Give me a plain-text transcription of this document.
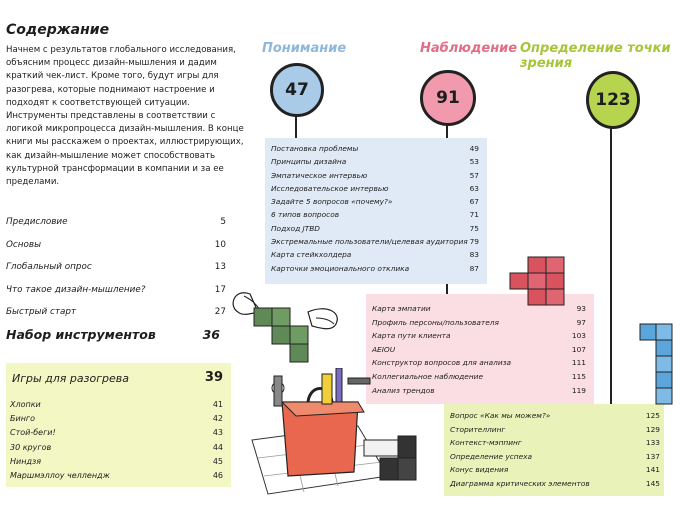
Содержание
Начнем с результатов глобального исследования, объясним процесс дизайн-мышления и дадим краткий чек-лист. Кроме того, будут игры для разогрева, которые поднимают настроение и подходят к соответствующей ситуации. Инструменты представлены в соответствии с логикой микропроцесса дизайн-мышления. В конце книги мы расскажем о проектах, иллюстрирующих, как дизайн-мышление может способствовать культурной трансформации в компании и за ее пределами.
Предисловие	5
Основы	10
Глобальный опрос	13
Что такое дизайн-мышление?	17
Быстрый старт	27
Набор инструментов	36
Игры для разогрева	39
Хлопки	41
Бинго	42
Стой-беги!	43
30 кругов	44
Ниндзя	45
Маршмэллоу челлендж	46
Понимание	Наблюдение Определение точки зрения
47	91	123
Постановка проблемы	49
Принципы дизайна	53
Эмпатическое интервью	57
Исследовательское интервью	63
Задайте 5 вопросов «почему?»	67
6 типов вопросов	71
Подход JTBD	75
Экстремальные пользователи/целевая аудитория 79
Карта стейкхолдера	83
Карточки эмоционального отклика	87
Карта эмпатии	93
Профиль персоны/пользователя	97
Карта пути клиента	103
AEIOU	107
Конструктор вопросов для анализа	111
Коллегиальное наблюдение	115
Анализ трендов	119
Вопрос «Как мы можем?»	125
Сторителлинг	129
Контекст-мэппинг	133
Определение успеха	137
Конус видения	141
Диаграмма критических элементов	145
